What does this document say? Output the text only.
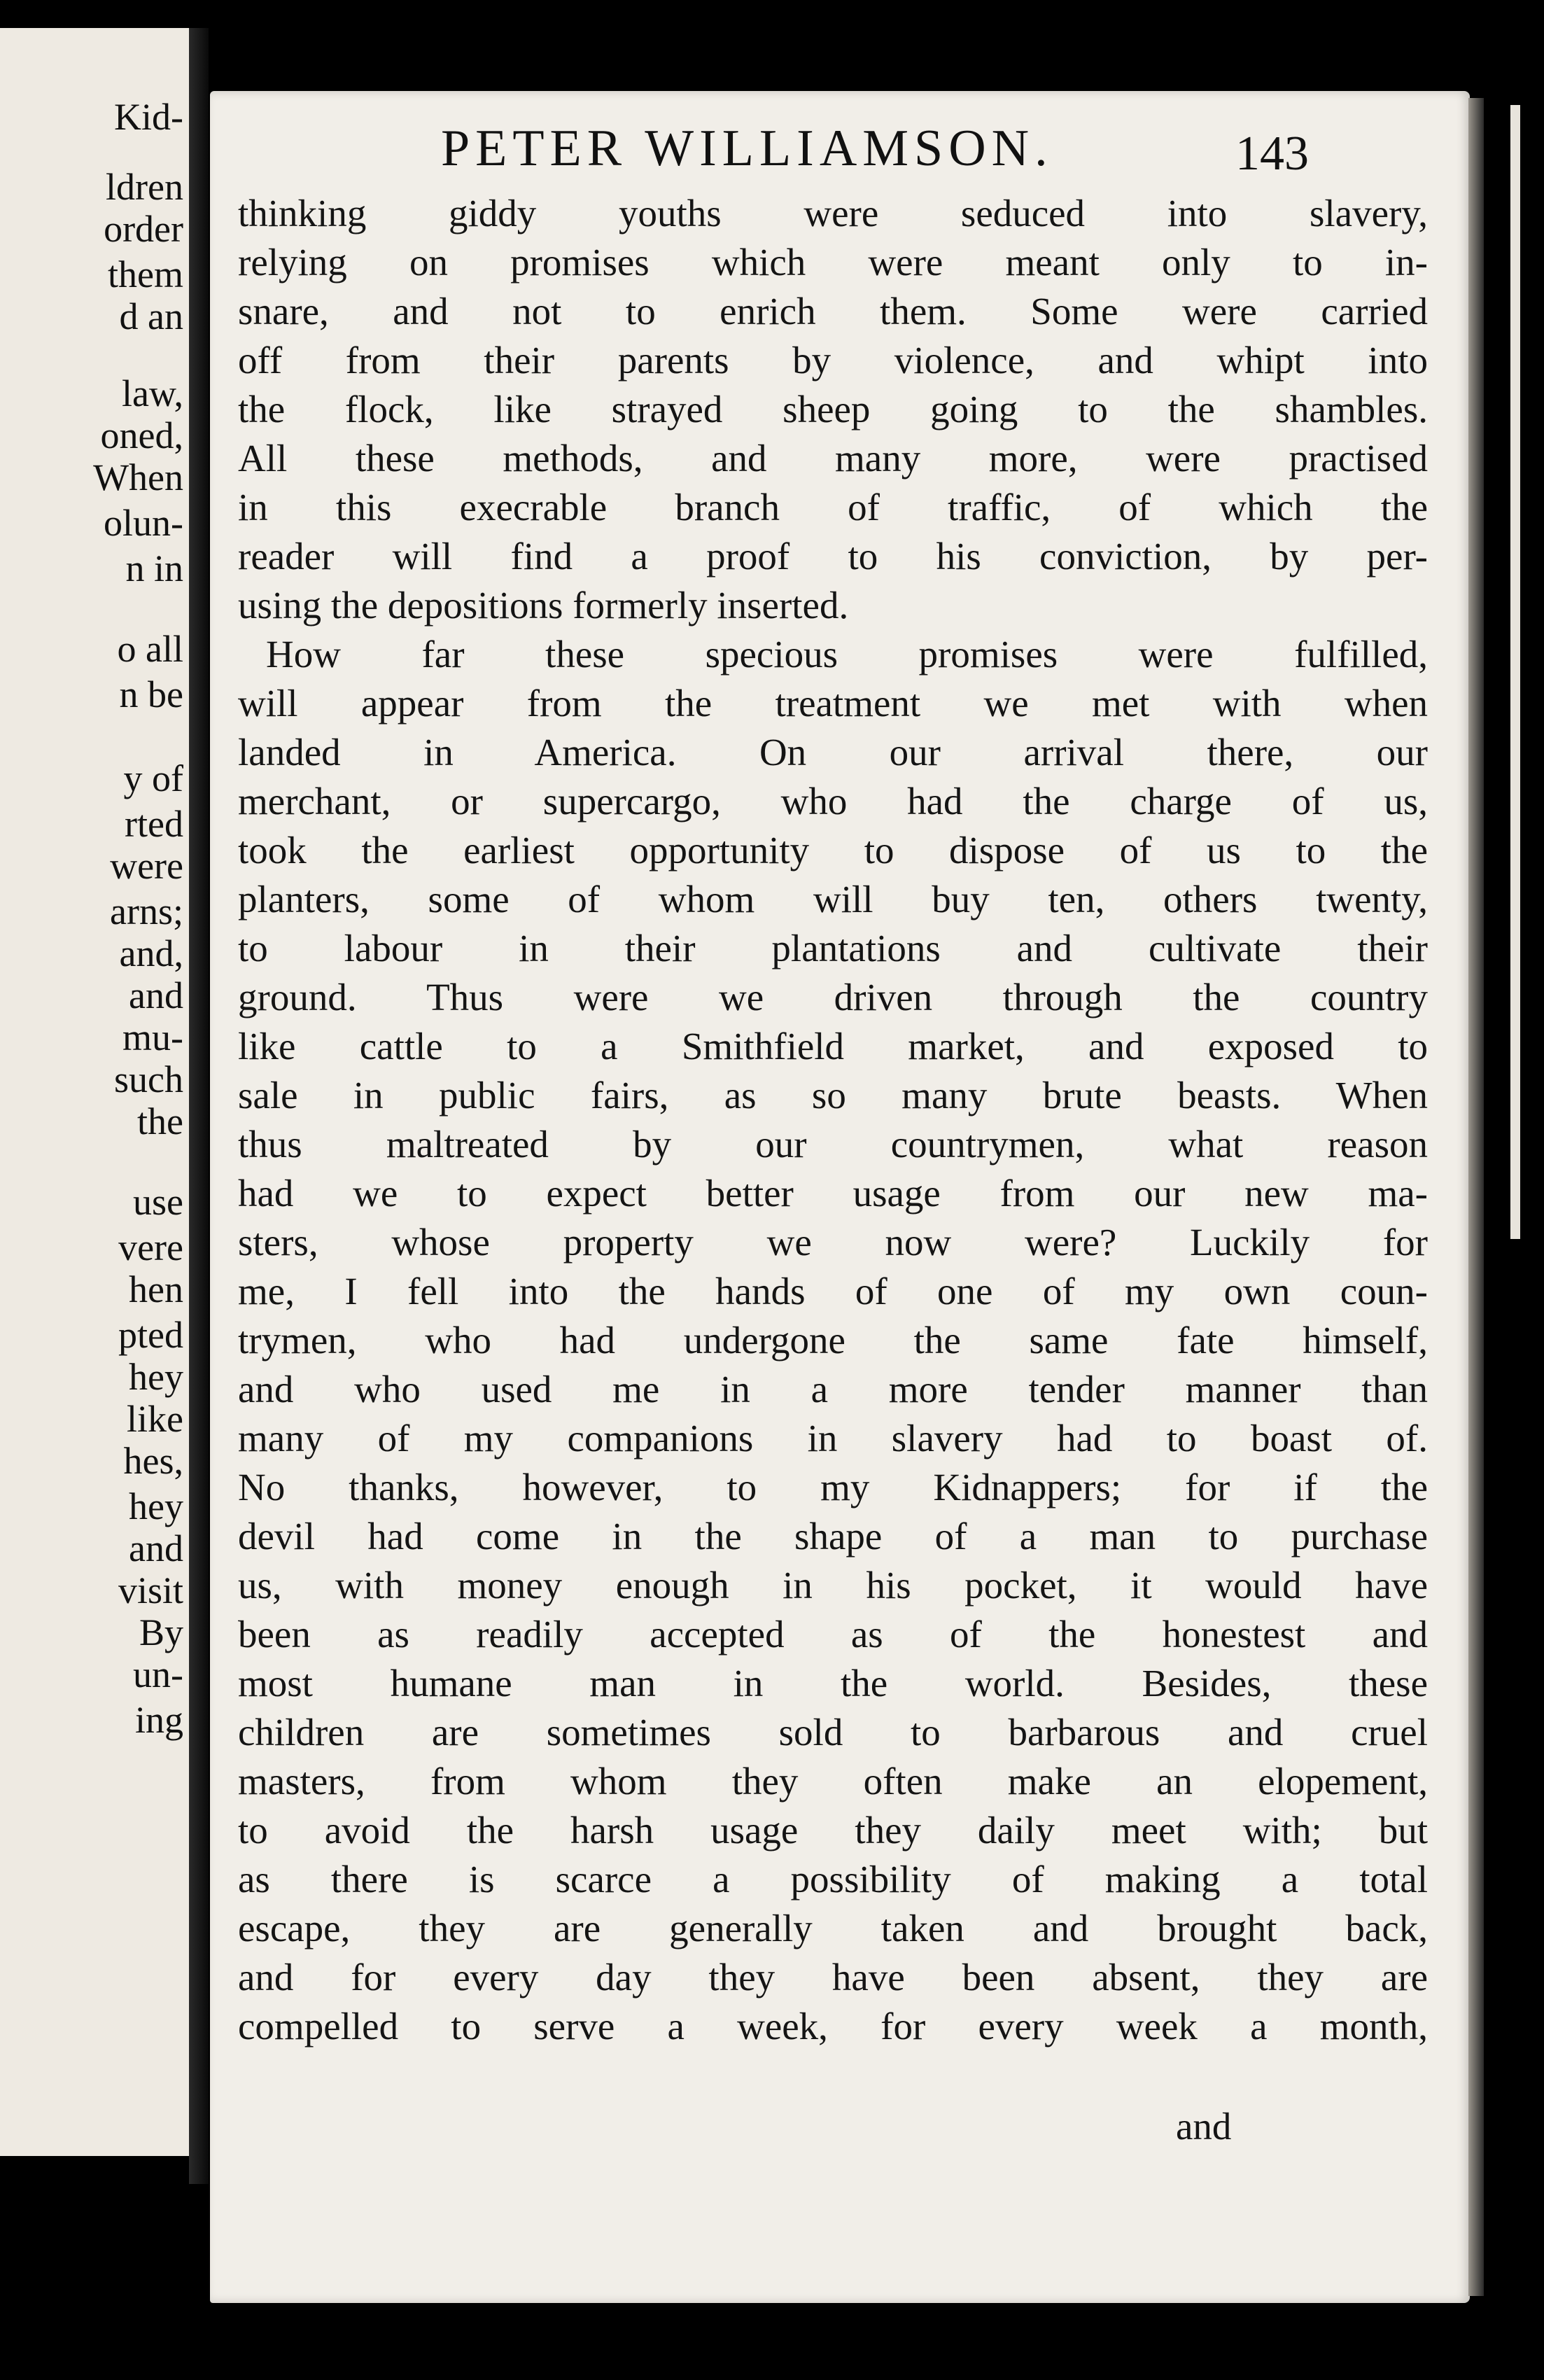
Kid-
ldren
order
them
d an
law,
oned,
When
olun-
n in
o all
n be
y of
rted
were
arns;
and,
and
mu-
such
the
use
vere
hen
pted
hey
like
hes,
hey
and
visit
By
un-
ing
PETER WILLIAMSON.	143
thinking giddy youths were seduced into slavery,
relying on promises which were meant only to in-
snare, and not to enrich them. Some were carried
off from their parents by violence, and whipt into
the flock, like strayed sheep going to the shambles.
All these methods, and many more, were practised
in this execrable branch of traffic, of which the
reader will find a proof to his conviction, by per-
using the depositions formerly inserted.
How far these specious promises were fulfilled,
will appear from the treatment we met with when
landed in America. On our arrival there, our
merchant, or supercargo, who had the charge of us,
took the earliest opportunity to dispose of us to the
planters, some of whom will buy ten, others twenty,
to labour in their plantations and cultivate their
ground. Thus were we driven through the country
like cattle to a Smithfield market, and exposed to
sale in public fairs, as so many brute beasts. When
thus maltreated by our countrymen, what reason
had we to expect better usage from our new ma-
sters, whose property we now were? Luckily for
me, I fell into the hands of one of my own coun-
trymen, who had undergone the same fate himself,
and who used me in a more tender manner than
many of my companions in slavery had to boast of.
No thanks, however, to my Kidnappers; for if the
devil had come in the shape of a man to purchase
us, with money enough in his pocket, it would have
been as readily accepted as of the honestest and
most humane man in the world. Besides, these
children are sometimes sold to barbarous and cruel
masters, from whom they often make an elopement,
to avoid the harsh usage they daily meet with; but
as there is scarce a possibility of making a total
escape, they are generally taken and brought back,
and for every day they have been absent, they are
compelled to serve a week, for every week a month,
and
